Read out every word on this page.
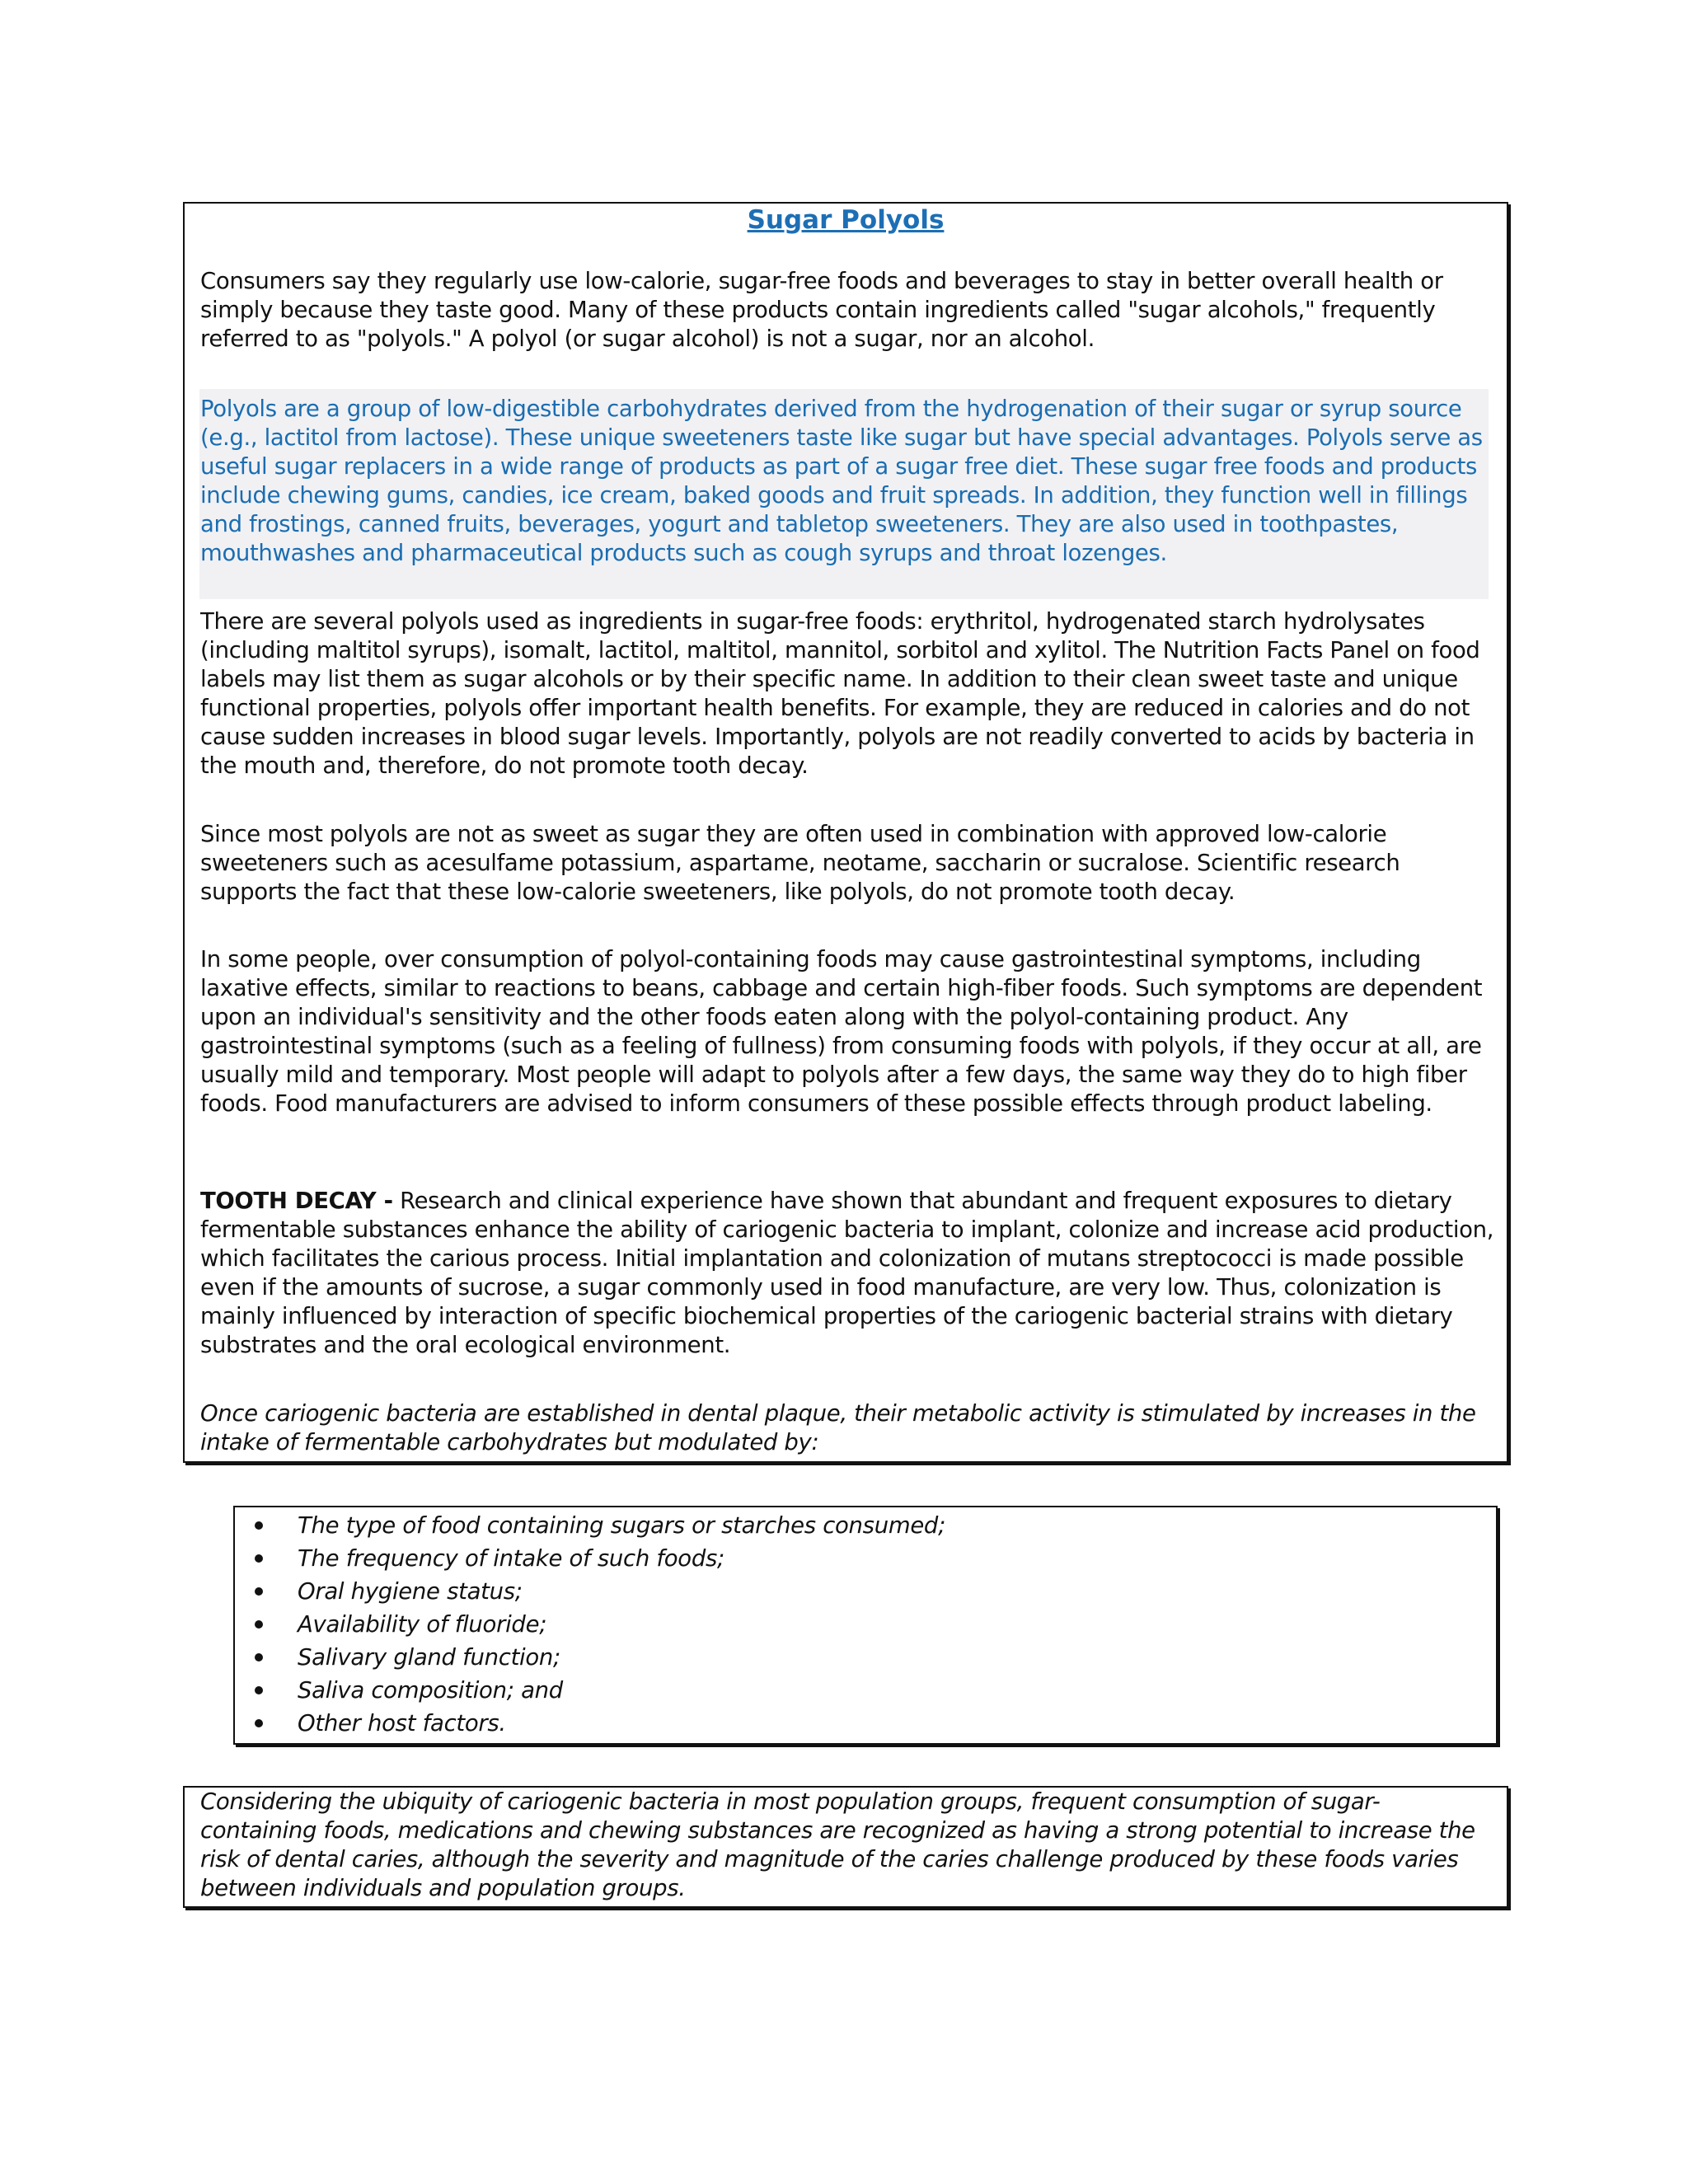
Sugar Polyols

Consumers say they regularly use low-calorie, sugar-free foods and beverages to stay in better overall health or simply because they taste good. Many of these products contain ingredients called "sugar alcohols," frequently referred to as "polyols." A polyol (or sugar alcohol) is not a sugar, nor an alcohol.

Polyols are a group of low-digestible carbohydrates derived from the hydrogenation of their sugar or syrup source (e.g., lactitol from lactose). These unique sweeteners taste like sugar but have special advantages. Polyols serve as useful sugar replacers in a wide range of products as part of a sugar free diet. These sugar free foods and products include chewing gums, candies, ice cream, baked goods and fruit spreads. In addition, they function well in fillings and frostings, canned fruits, beverages, yogurt and tabletop sweeteners. They are also used in toothpastes, mouthwashes and pharmaceutical products such as cough syrups and throat lozenges.

There are several polyols used as ingredients in sugar-free foods: erythritol, hydrogenated starch hydrolysates (including maltitol syrups), isomalt, lactitol, maltitol, mannitol, sorbitol and xylitol. The Nutrition Facts Panel on food labels may list them as sugar alcohols or by their specific name. In addition to their clean sweet taste and unique functional properties, polyols offer important health benefits. For example, they are reduced in calories and do not cause sudden increases in blood sugar levels. Importantly, polyols are not readily converted to acids by bacteria in the mouth and, therefore, do not promote tooth decay.

Since most polyols are not as sweet as sugar they are often used in combination with approved low-calorie sweeteners such as acesulfame potassium, aspartame, neotame, saccharin or sucralose. Scientific research supports the fact that these low-calorie sweeteners, like polyols, do not promote tooth decay.

In some people, over consumption of polyol-containing foods may cause gastrointestinal symptoms, including laxative effects, similar to reactions to beans, cabbage and certain high-fiber foods. Such symptoms are dependent upon an individual's sensitivity and the other foods eaten along with the polyol-containing product. Any gastrointestinal symptoms (such as a feeling of fullness) from consuming foods with polyols, if they occur at all, are usually mild and temporary. Most people will adapt to polyols after a few days, the same way they do to high fiber foods. Food manufacturers are advised to inform consumers of these possible effects through product labeling.

TOOTH DECAY - Research and clinical experience have shown that abundant and frequent exposures to dietary fermentable substances enhance the ability of cariogenic bacteria to implant, colonize and increase acid production, which facilitates the carious process. Initial implantation and colonization of mutans streptococci is made possible even if the amounts of sucrose, a sugar commonly used in food manufacture, are very low. Thus, colonization is mainly influenced by interaction of specific biochemical properties of the cariogenic bacterial strains with dietary substrates and the oral ecological environment.

Once cariogenic bacteria are established in dental plaque, their metabolic activity is stimulated by increases in the intake of fermentable carbohydrates but modulated by:

The type of food containing sugars or starches consumed;
The frequency of intake of such foods;
Oral hygiene status;
Availability of fluoride;
Salivary gland function;
Saliva composition; and
Other host factors.

Considering the ubiquity of cariogenic bacteria in most population groups, frequent consumption of sugar-containing foods, medications and chewing substances are recognized as having a strong potential to increase the risk of dental caries, although the severity and magnitude of the caries challenge produced by these foods varies between individuals and population groups.
